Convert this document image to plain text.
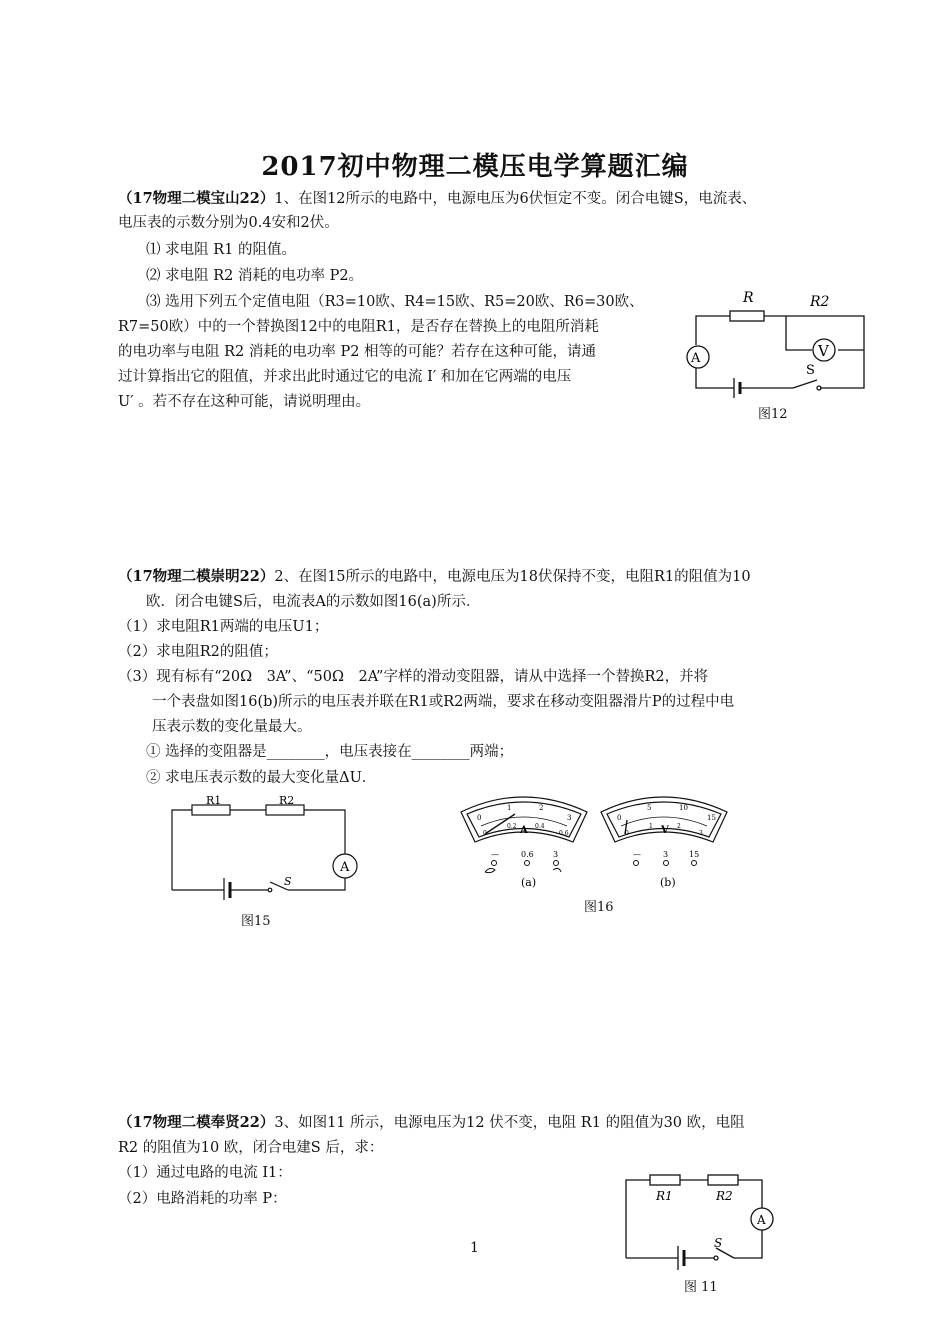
2017初中物理二模压电学算题汇编
（17物理二模宝山22）1、在图12所示的电路中，电源电压为6伏恒定不变。闭合电键S，电流表、
电压表的示数分别为0.4安和2伏。
⑴ 求电阻 R1 的阻值。
⑵ 求电阻 R2 消耗的电功率 P2。
⑶ 选用下列五个定值电阻（R3=10欧、R4=15欧、R5=20欧、R6=30欧、
R7=50欧）中的一个替换图12中的电阻R1，是否存在替换上的电阻所消耗
的电功率与电阻 R2 消耗的电功率 P2 相等的可能？若存在这种可能，请通
过计算指出它的阻值，并求出此时通过它的电流 I′ 和加在它两端的电压
U′ 。若不存在这种可能，请说明理由。
R	R2
V
A
S
图12
（17物理二模崇明22）2、在图15所示的电路中，电源电压为18伏保持不变，电阻R1的阻值为10
欧．闭合电键S后，电流表A的示数如图16(a)所示．
（1）求电阻R1两端的电压U1；
（2）求电阻R2的阻值；
（3）现有标有“20Ω　3A”、“50Ω　2A”字样的滑动变阻器，请从中选择一个替换R2，并将
一个表盘如图16(b)所示的电压表并联在R1或R2两端，要求在移动变阻器滑片P的过程中电
压表示数的变化量最大。
① 选择的变阻器是________，电压表接在________两端；
② 求电压表示数的最大变化量ΔU．
R1	R2
A
S
图15
0
1	2
3
0
0.2	0.4
0.6
A
—	0.6 3
(a)
0
5	10
15
0
1	2
3
V
—	3	15
(b)
图16
（17物理二模奉贤22）3、如图11 所示，电源电压为12 伏不变，电阻 R1 的阻值为30 欧，电阻
R2 的阻值为10 欧，闭合电建S 后，求：
（1）通过电路的电流 I1：
（2）电路消耗的功率 P：	R1	R2
A
S
图 11
1
